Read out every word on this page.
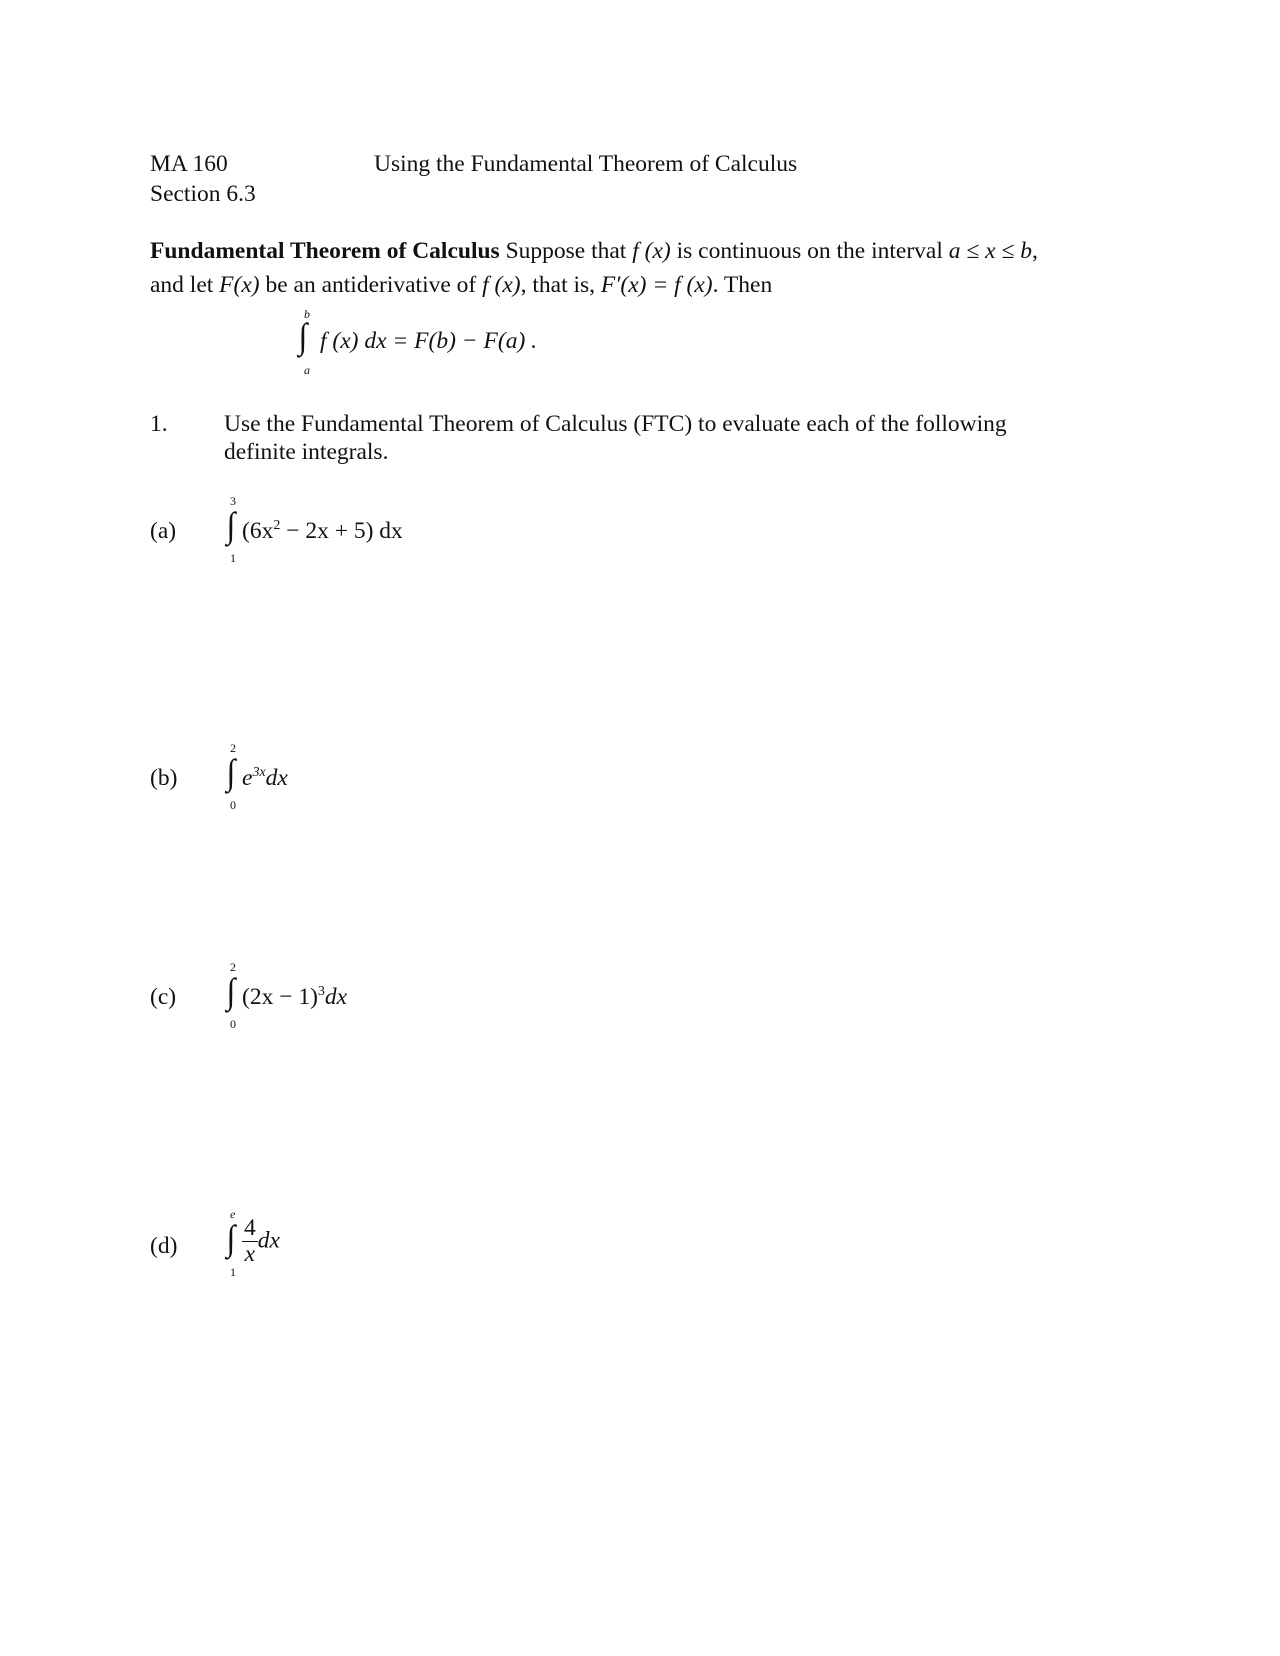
MA 160
Section 6.3
Using the Fundamental Theorem of Calculus
Fundamental Theorem of Calculus Suppose that f (x) is continuous on the interval a ≤ x ≤ b,
and let F(x) be an antiderivative of f (x), that is, F′(x) = f (x). Then
b
∫
a
f (x) dx = F(b) − F(a) .
1. Use the Fundamental Theorem of Calculus (FTC) to evaluate each of the following
definite integrals.
(a)
3
∫
1
$(6x^2 - 2x + 5)$ dx
(b)
2
∫
0
$e^{3x}dx$
(c)
2
∫
0
$(2x - 1)^3dx$
(d)
e
∫
1
$\frac{4}{x}$ dx
